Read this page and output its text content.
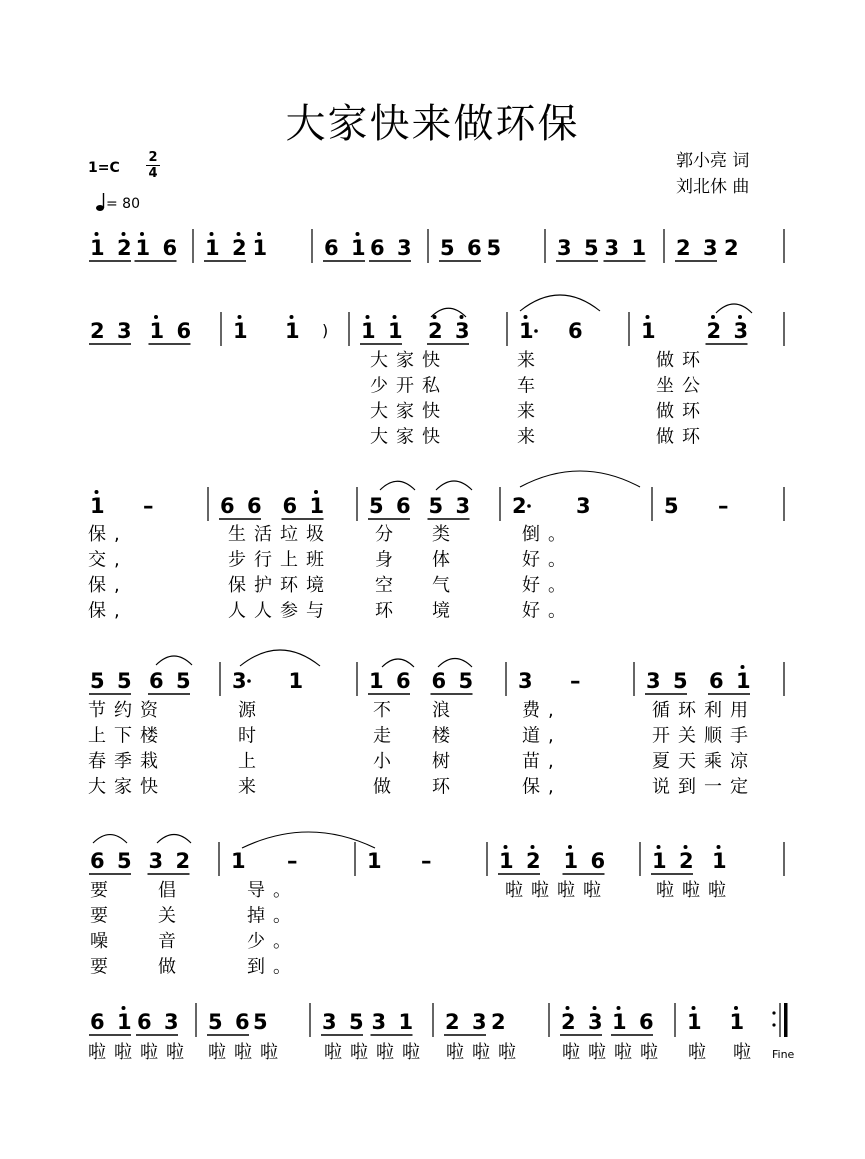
大家快来做环保
郭小亮 词
刘北休 曲
1=C
2
4
= 80
1 2 1 6 1 2 1	6 1 6 3 5 6 5	3 5 3 1 2 3 2
2 3 1 6 1 1	1 1 2 3 1 6	1 2 3
大家快	来	做环
少开私	车	坐公
大家快	来	做环
大家快	来	做环
1 –	6 6 6 1 5 6 5 3 2 3	5 –
保,	生活垃圾 分 类	倒。
交,	步行上班 身 体	好。
保,	保护环境 空 气	好。
保,	人人参与 环 境	好。
5 5 6 5 3 1	1 6 6 5 3 –	3 5 6 1
节约资	源	不 浪	费,	循环利用
上下楼	时	走 楼	道,	开关顺手
春季栽	上	小 树	苗,	夏天乘凉
大家快	来	做 环	保,	说到一定
6 5 3 2 1 –	1 –	1 2 1 6 1 2 1
要 倡	导。	啦啦啦啦	啦啦啦
要 关	掉。
噪 音	少。
要 做	到。
6 1 6 3 5 6 5	3 5 3 1 2 3 2	2 3 1 6 1 1
啦啦啦啦 啦啦啦 啦啦啦啦 啦啦啦 啦啦啦啦 啦 啦
)
Fine
